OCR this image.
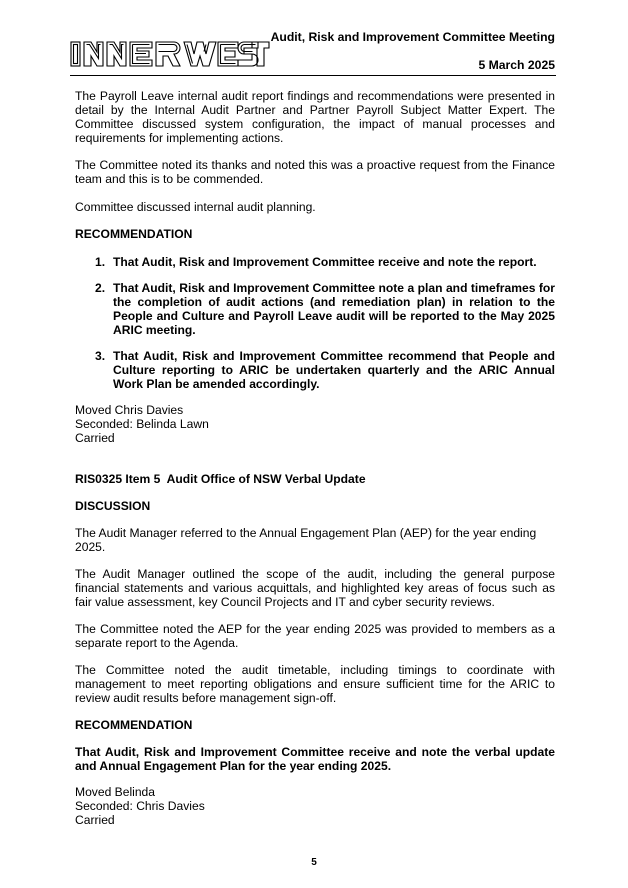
Audit, Risk and Improvement Committee Meeting
5 March 2025

The Payroll Leave internal audit report findings and recommendations were presented in detail by the Internal Audit Partner and Partner Payroll Subject Matter Expert. The Committee discussed system configuration, the impact of manual processes and requirements for implementing actions.

The Committee noted its thanks and noted this was a proactive request from the Finance team and this is to be commended.

Committee discussed internal audit planning.

RECOMMENDATION

1. That Audit, Risk and Improvement Committee receive and note the report.
2. That Audit, Risk and Improvement Committee note a plan and timeframes for the completion of audit actions (and remediation plan) in relation to the People and Culture and Payroll Leave audit will be reported to the May 2025 ARIC meeting.
3. That Audit, Risk and Improvement Committee recommend that People and Culture reporting to ARIC be undertaken quarterly and the ARIC Annual Work Plan be amended accordingly.

Moved Chris Davies

Seconded: Belinda Lawn

Carried

RIS0325 Item 5  Audit Office of NSW Verbal Update

DISCUSSION

The Audit Manager referred to the Annual Engagement Plan (AEP) for the year ending 2025.

The Audit Manager outlined the scope of the audit, including the general purpose financial statements and various acquittals, and highlighted key areas of focus such as fair value assessment, key Council Projects and IT and cyber security reviews.

The Committee noted the AEP for the year ending 2025 was provided to members as a separate report to the Agenda.

The Committee noted the audit timetable, including timings to coordinate with management to meet reporting obligations and ensure sufficient time for the ARIC to review audit results before management sign-off.

RECOMMENDATION

That Audit, Risk and Improvement Committee receive and note the verbal update and Annual Engagement Plan for the year ending 2025.

Moved Belinda

Seconded: Chris Davies

Carried

5
